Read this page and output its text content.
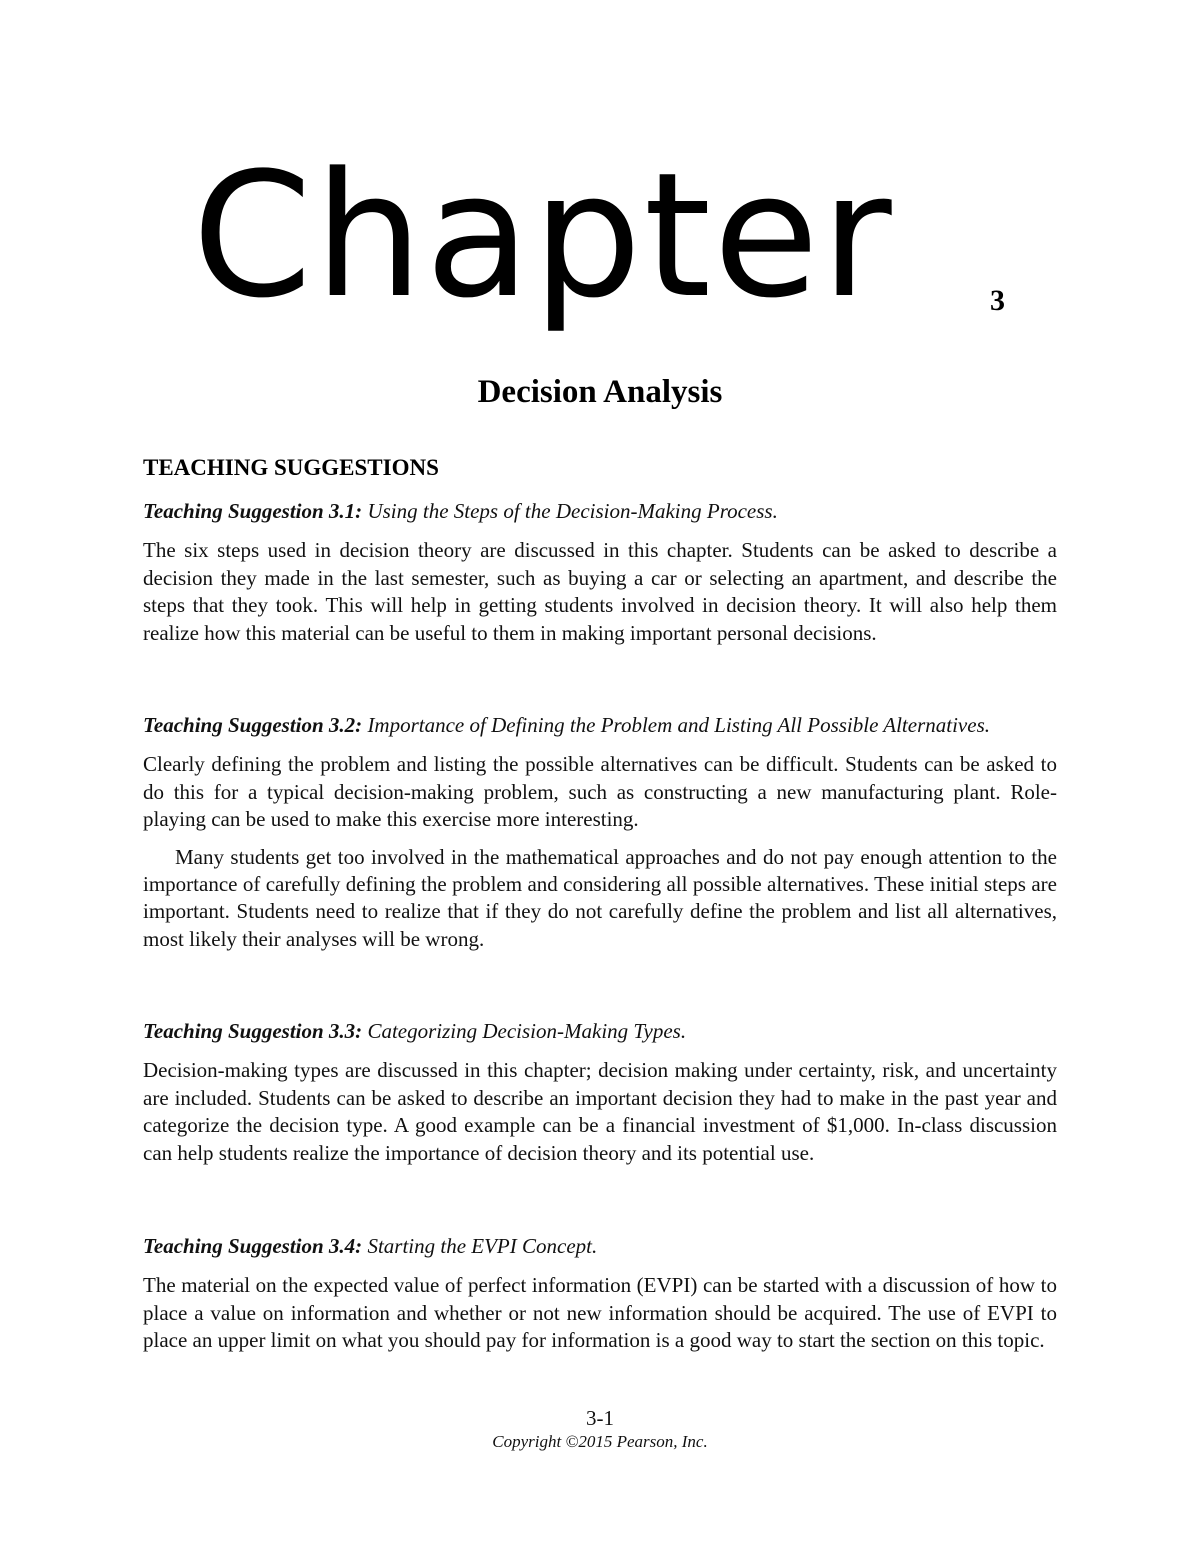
Chapter	3
Decision Analysis
TEACHING SUGGESTIONS

Teaching Suggestion 3.1: Using the Steps of the Decision-Making Process.

The six steps used in decision theory are discussed in this chapter. Students can be asked to describe a decision they made in the last semester, such as buying a car or selecting an apartment, and describe the steps that they took. This will help in getting students involved in decision theory. It will also help them realize how this material can be useful to them in making important personal decisions.

Teaching Suggestion 3.2: Importance of Defining the Problem and Listing All Possible Alternatives.

Clearly defining the problem and listing the possible alternatives can be difficult. Students can be asked to do this for a typical decision-making problem, such as constructing a new manufacturing plant. Role-playing can be used to make this exercise more interesting.

Many students get too involved in the mathematical approaches and do not pay enough attention to the importance of carefully defining the problem and considering all possible alternatives. These initial steps are important. Students need to realize that if they do not carefully define the problem and list all alternatives, most likely their analyses will be wrong.

Teaching Suggestion 3.3: Categorizing Decision-Making Types.

Decision-making types are discussed in this chapter; decision making under certainty, risk, and uncertainty are included. Students can be asked to describe an important decision they had to make in the past year and categorize the decision type. A good example can be a financial investment of $1,000. In-class discussion can help students realize the importance of decision theory and its potential use.

Teaching Suggestion 3.4: Starting the EVPI Concept.

The material on the expected value of perfect information (EVPI) can be started with a discussion of how to place a value on information and whether or not new information should be acquired. The use of EVPI to place an upper limit on what you should pay for information is a good way to start the section on this topic.

3-1
Copyright ©2015 Pearson, Inc.
